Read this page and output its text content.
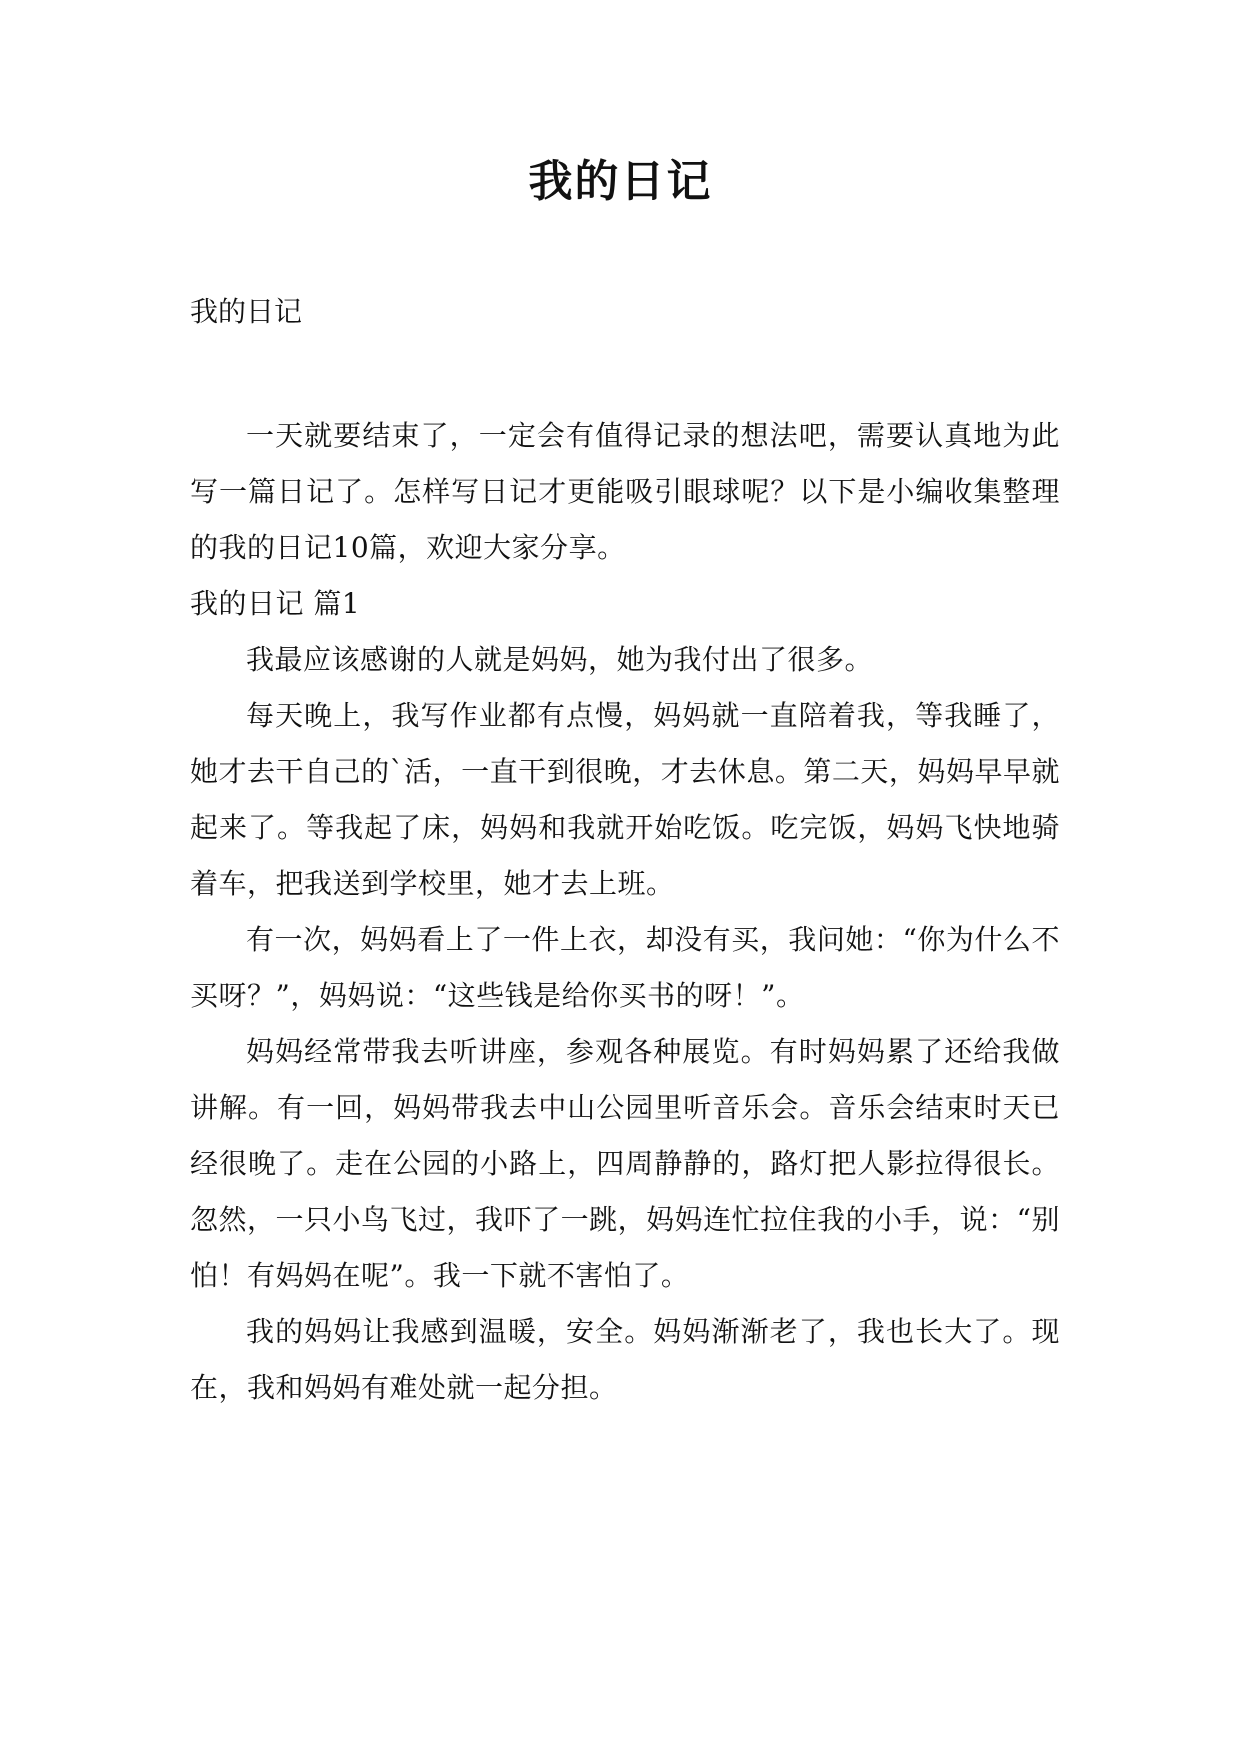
我的日记

我的日记

一天就要结束了，一定会有值得记录的想法吧，需要认真地为此写一篇日记了。怎样写日记才更能吸引眼球呢？以下是小编收集整理的我的日记10篇，欢迎大家分享。

我的日记 篇1

我最应该感谢的人就是妈妈，她为我付出了很多。

每天晚上，我写作业都有点慢，妈妈就一直陪着我，等我睡了，她才去干自己的`活，一直干到很晚，才去休息。第二天，妈妈早早就起来了。等我起了床，妈妈和我就开始吃饭。吃完饭，妈妈飞快地骑着车，把我送到学校里，她才去上班。

有一次，妈妈看上了一件上衣，却没有买，我问她：“你为什么不买呀？”，妈妈说：“这些钱是给你买书的呀！”。

妈妈经常带我去听讲座，参观各种展览。有时妈妈累了还给我做讲解。有一回，妈妈带我去中山公园里听音乐会。音乐会结束时天已经很晚了。走在公园的小路上，四周静静的，路灯把人影拉得很长。忽然，一只小鸟飞过，我吓了一跳，妈妈连忙拉住我的小手，说：“别怕！有妈妈在呢”。我一下就不害怕了。

我的妈妈让我感到温暖，安全。妈妈渐渐老了，我也长大了。现在，我和妈妈有难处就一起分担。
